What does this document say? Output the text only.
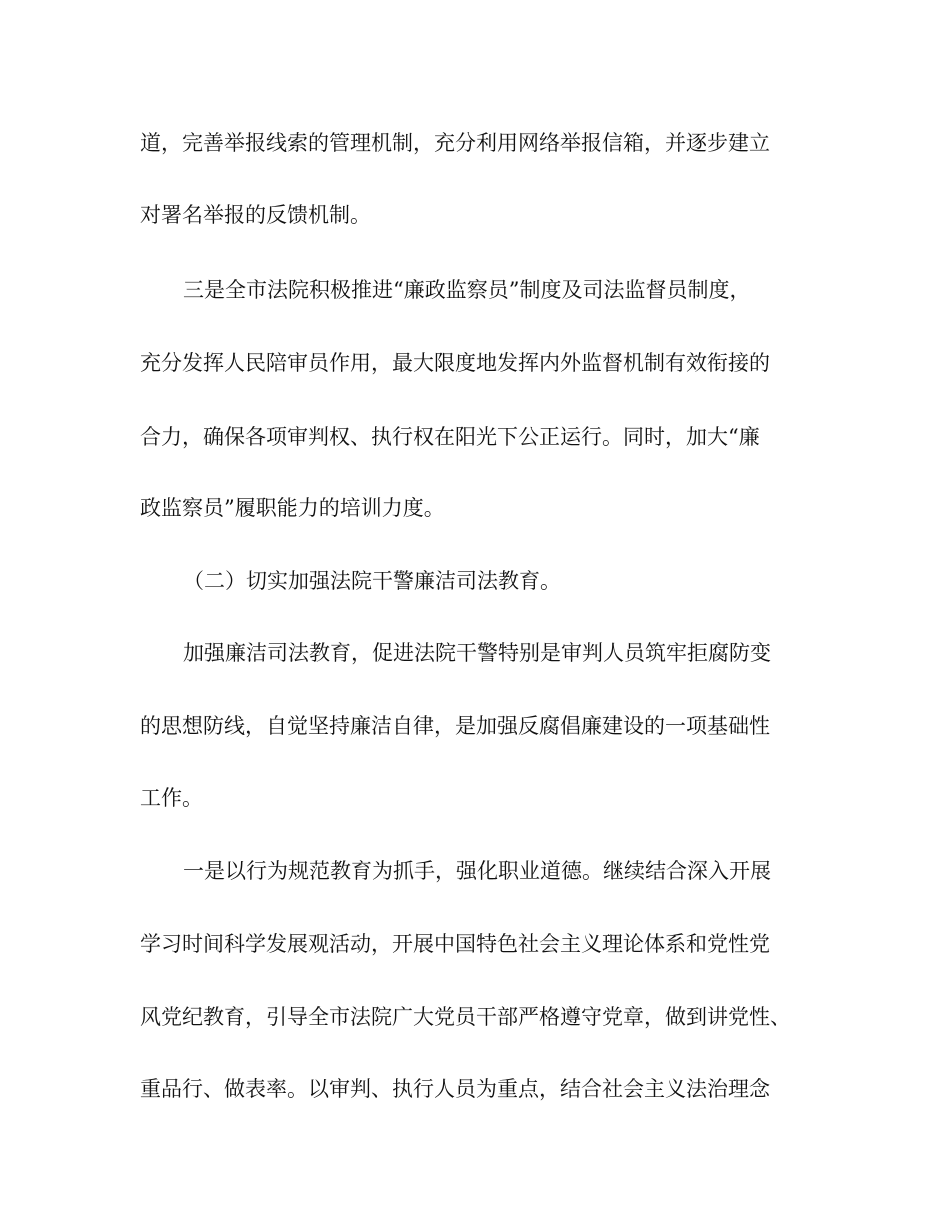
道，完善举报线索的管理机制，充分利用网络举报信箱，并逐步建立
对署名举报的反馈机制。
三是全市法院积极推进“廉政监察员”制度及司法监督员制度，
充分发挥人民陪审员作用，最大限度地发挥内外监督机制有效衔接的
合力，确保各项审判权、执行权在阳光下公正运行。同时，加大“廉
政监察员”履职能力的培训力度。
（二）切实加强法院干警廉洁司法教育。
加强廉洁司法教育，促进法院干警特别是审判人员筑牢拒腐防变
的思想防线，自觉坚持廉洁自律，是加强反腐倡廉建设的一项基础性
工作。
一是以行为规范教育为抓手，强化职业道德。继续结合深入开展
学习时间科学发展观活动，开展中国特色社会主义理论体系和党性党
风党纪教育，引导全市法院广大党员干部严格遵守党章，做到讲党性、
重品行、做表率。以审判、执行人员为重点，结合社会主义法治理念
